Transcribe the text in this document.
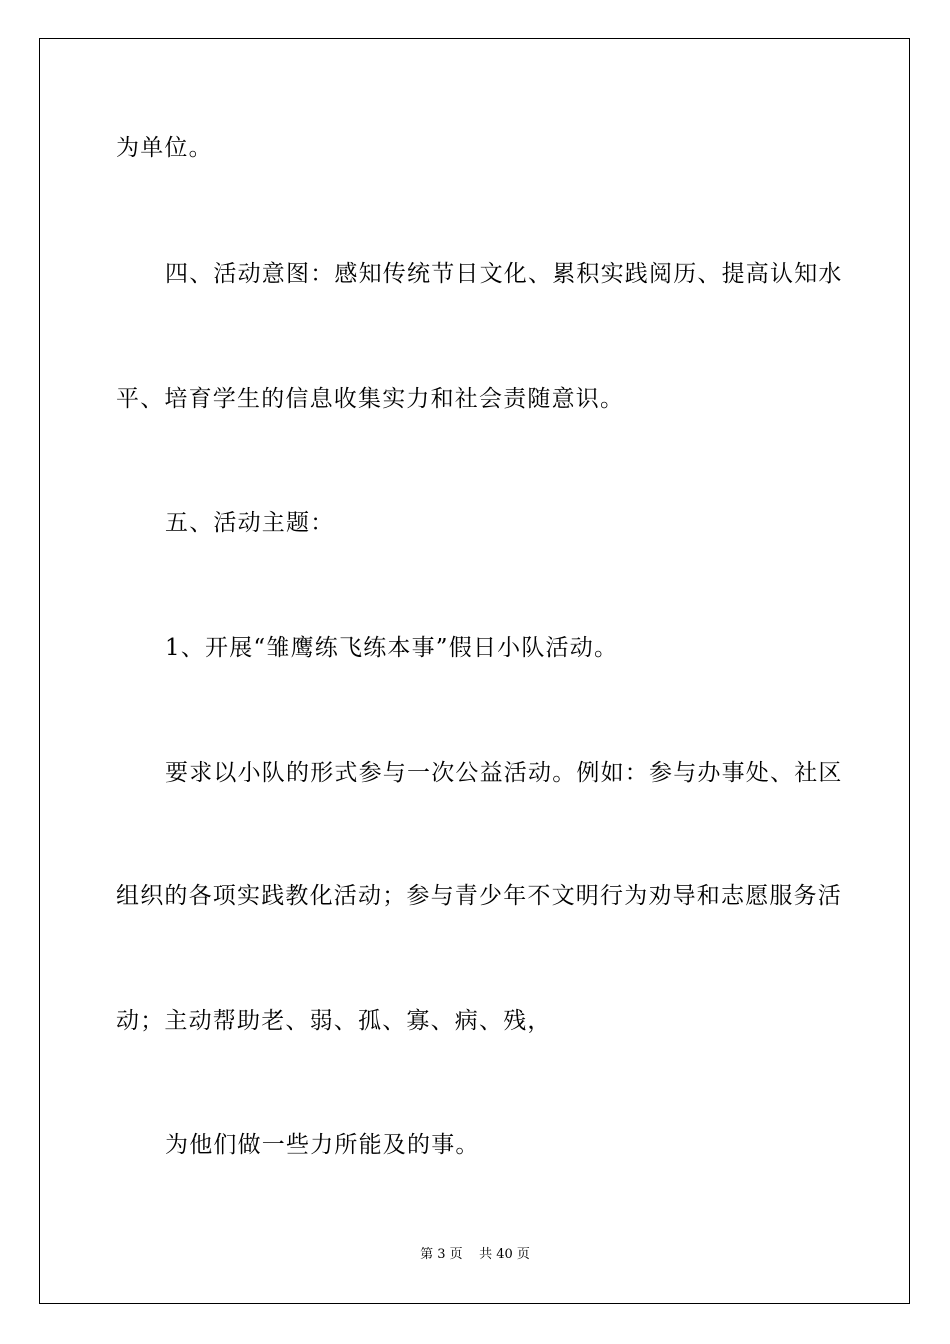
为单位。
四、活动意图：感知传统节日文化、累积实践阅历、提高认知水
平、培育学生的信息收集实力和社会责随意识。
五、活动主题：
1、开展“雏鹰练飞练本事”假日小队活动。
要求以小队的形式参与一次公益活动。例如：参与办事处、社区
组织的各项实践教化活动；参与青少年不文明行为劝导和志愿服务活
动；主动帮助老、弱、孤、寡、病、残，
为他们做一些力所能及的事。
第 3 页    共 40 页
